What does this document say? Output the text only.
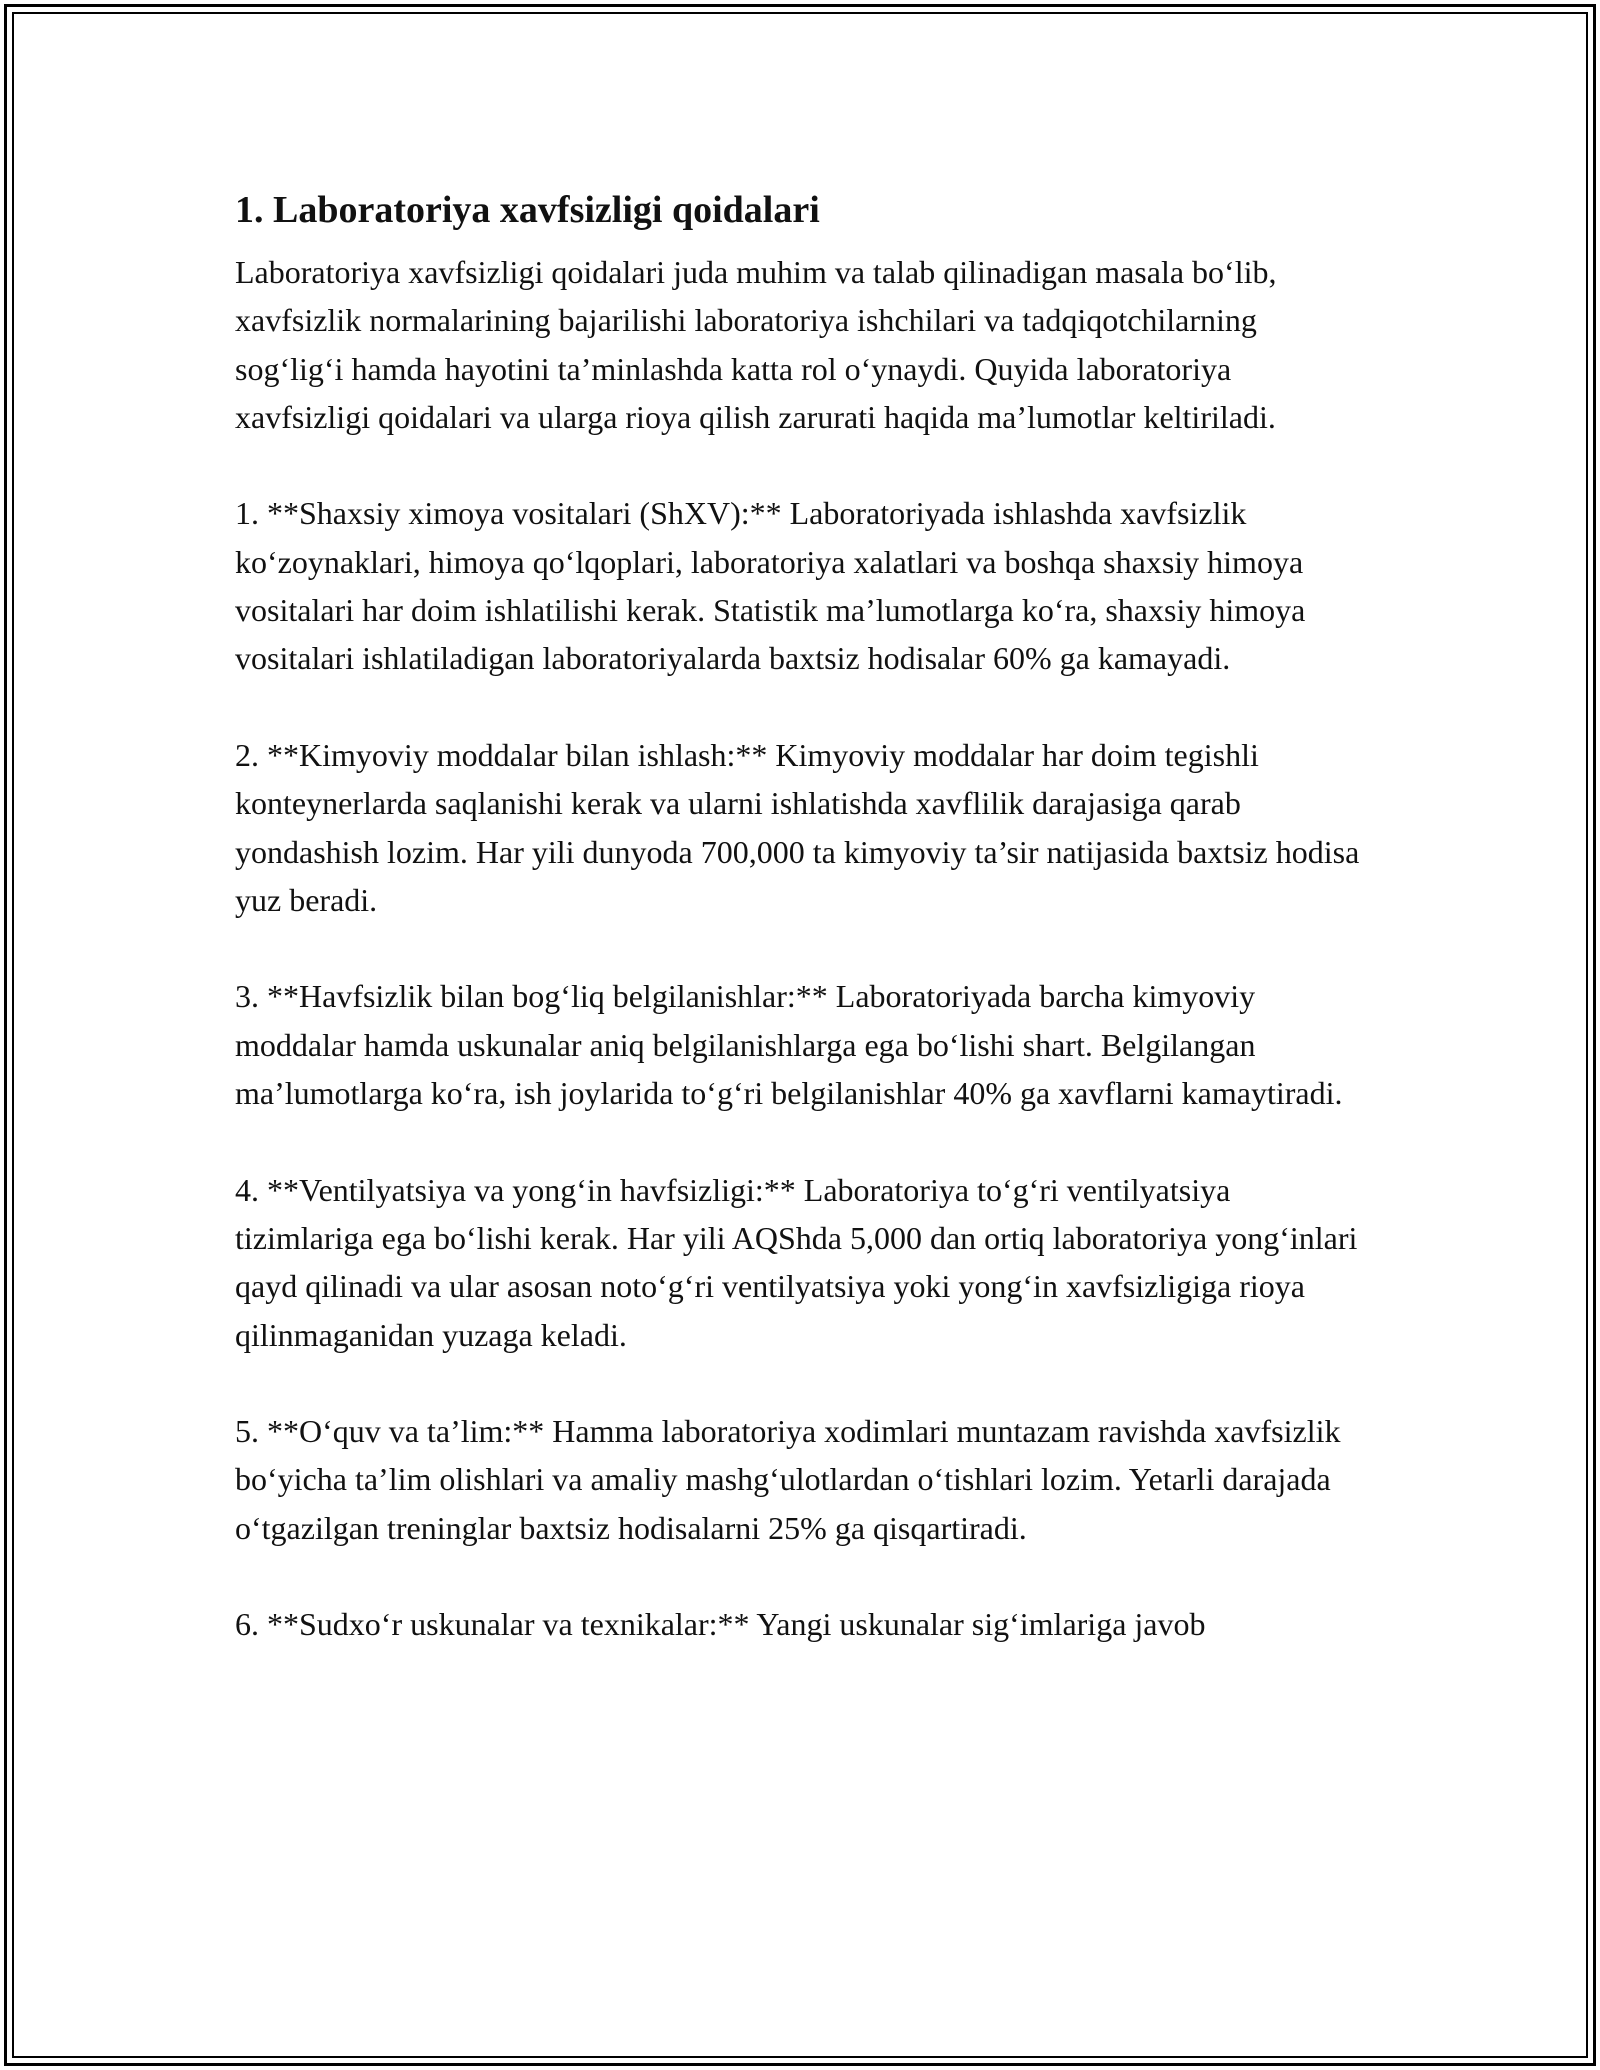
1. Laboratoriya xavfsizligi qoidalari

Laboratoriya xavfsizligi qoidalari juda muhim va talab qilinadigan masala bo‘lib, xavfsizlik normalarining bajarilishi laboratoriya ishchilari va tadqiqotchilarning sog‘lig‘i hamda hayotini ta’minlashda katta rol o‘ynaydi. Quyida laboratoriya xavfsizligi qoidalari va ularga rioya qilish zarurati haqida ma’lumotlar keltiriladi.

1. **Shaxsiy ximoya vositalari (ShXV):** Laboratoriyada ishlashda xavfsizlik ko‘zoynaklari, himoya qo‘lqoplari, laboratoriya xalatlari va boshqa shaxsiy himoya vositalari har doim ishlatilishi kerak. Statistik ma’lumotlarga ko‘ra, shaxsiy himoya vositalari ishlatiladigan laboratoriyalarda baxtsiz hodisalar 60% ga kamayadi.

2. **Kimyoviy moddalar bilan ishlash:** Kimyoviy moddalar har doim tegishli konteynerlarda saqlanishi kerak va ularni ishlatishda xavflilik darajasiga qarab yondashish lozim. Har yili dunyoda 700,000 ta kimyoviy ta’sir natijasida baxtsiz hodisa yuz beradi.

3. **Havfsizlik bilan bog‘liq belgilanishlar:** Laboratoriyada barcha kimyoviy moddalar hamda uskunalar aniq belgilanishlarga ega bo‘lishi shart. Belgilangan ma’lumotlarga ko‘ra, ish joylarida to‘g‘ri belgilanishlar 40% ga xavflarni kamaytiradi.

4. **Ventilyatsiya va yong‘in havfsizligi:** Laboratoriya to‘g‘ri ventilyatsiya tizimlariga ega bo‘lishi kerak. Har yili AQShda 5,000 dan ortiq laboratoriya yong‘inlari qayd qilinadi va ular asosan noto‘g‘ri ventilyatsiya yoki yong‘in xavfsizligiga rioya qilinmaganidan yuzaga keladi.

5. **O‘quv va ta’lim:** Hamma laboratoriya xodimlari muntazam ravishda xavfsizlik bo‘yicha ta’lim olishlari va amaliy mashg‘ulotlardan o‘tishlari lozim. Yetarli darajada o‘tgazilgan treninglar baxtsiz hodisalarni 25% ga qisqartiradi.

6. **Sudxo‘r uskunalar va texnikalar:** Yangi uskunalar sig‘imlariga javob
